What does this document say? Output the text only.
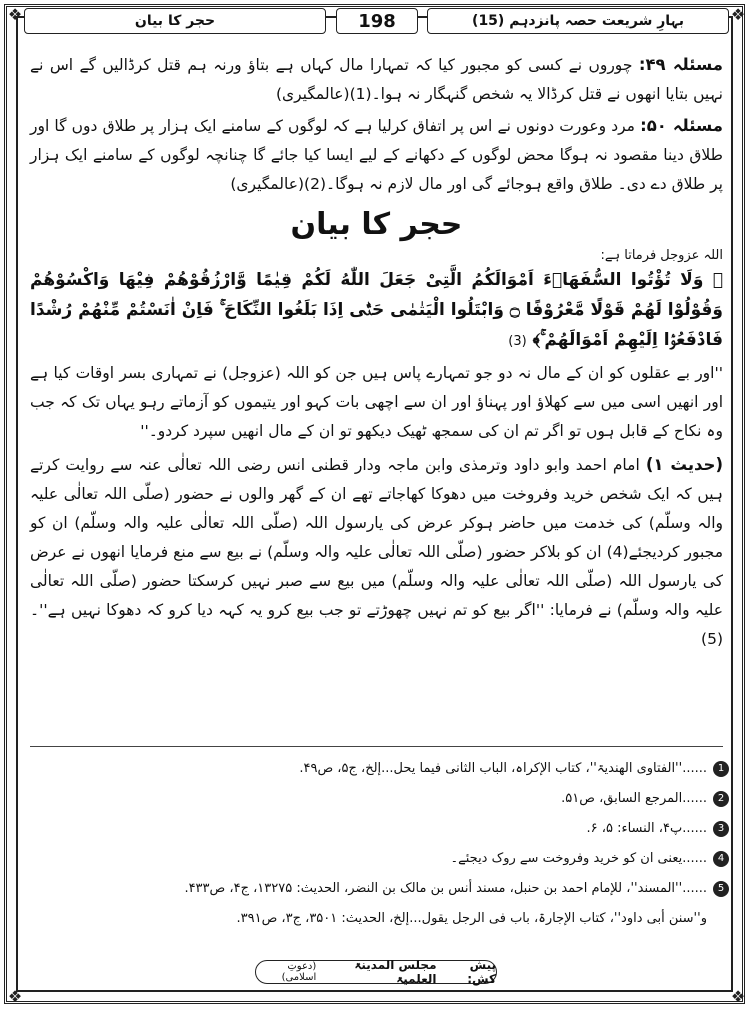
❖	❖
❖	❖
بہارِ شریعت حصہ پانزدہم (15)
198
حجر کا بیان

مسئلہ ۴۹: چوروں نے کسی کو مجبور کیا کہ تمہارا مال کہاں ہے بتاؤ ورنہ ہم قتل کرڈالیں گے اس نے نہیں بتایا انھوں نے قتل کرڈالا یہ شخص گنہگار نہ ہوا۔(1)(عالمگیری)

مسئلہ ۵۰: مرد وعورت دونوں نے اس پر اتفاق کرلیا ہے کہ لوگوں کے سامنے ایک ہزار پر طلاق دوں گا اور طلاق دینا مقصود نہ ہوگا محض لوگوں کے دکھانے کے لیے ایسا کیا جائے گا چنانچہ لوگوں کے سامنے ایک ہزار پر طلاق دے دی۔ طلاق واقع ہوجائے گی اور مال لازم نہ ہوگا۔(2)(عالمگیری)

حجر کا بیان

اللہ عزوجل فرماتا ہے:

﴿ وَلَا تُؤْتُوا السُّفَهَاۗءَ اَمْوَالَكُمُ الَّتِیْ جَعَلَ اللّٰهُ لَكُمْ قِیٰمًا وَّارْزُقُوْهُمْ فِیْهَا وَاكْسُوْهُمْ وَقُوْلُوْا لَهُمْ قَوْلًا مَّعْرُوْفًا ۝ وَابْتَلُوا الْیَتٰمٰى حَتّٰۤى اِذَا بَلَغُوا النِّكَاحَ ۚ فَاِنْ اٰنَسْتُمْ مِّنْهُمْ رُشْدًا فَادْفَعُوْۤا اِلَیْهِمْ اَمْوَالَهُمْ ۚ﴾ (3)

''اور بے عقلوں کو ان کے مال نہ دو جو تمہارے پاس ہیں جن کو اللہ (عزوجل) نے تمہاری بسر اوقات کیا ہے اور انھیں اسی میں سے کھلاؤ اور پہناؤ اور ان سے اچھی بات کہو اور یتیموں کو آزماتے رہو یہاں تک کہ جب وہ نکاح کے قابل ہوں تو اگر تم ان کی سمجھ ٹھیک دیکھو تو ان کے مال انھیں سپرد کردو۔''

(حدیث ۱) امام احمد وابو داود وترمذی وابن ماجہ ودار قطنی انس رضی اللہ تعالٰی عنہ سے روایت کرتے ہیں کہ ایک شخص خرید وفروخت میں دھوکا کھاجاتے تھے ان کے گھر والوں نے حضور (صلّی اللہ تعالٰی علیہ والہ وسلّم) کی خدمت میں حاضر ہوکر عرض کی یارسول اللہ (صلّی اللہ تعالٰی علیہ والہ وسلّم) ان کو مجبور کردیجئے(4) ان کو بلاکر حضور (صلّی اللہ تعالٰی علیہ والہ وسلّم) نے بیع سے منع فرمایا انھوں نے عرض کی یارسول اللہ (صلّی اللہ تعالٰی علیہ والہ وسلّم) میں بیع سے صبر نہیں کرسکتا حضور (صلّی اللہ تعالٰی علیہ والہ وسلّم) نے فرمایا: ''اگر بیع کو تم نہیں چھوڑتے تو جب بیع کرو یہ کہہ دیا کرو کہ دھوکا نہیں ہے''۔(5)

1
......''الفتاوی الھندیۃ''، کتاب الإکراہ، الباب الثانی فیما یحل...إلخ، ج۵، ص۴۹.
2
......المرجع السابق، ص۵۱.
3
......پ۴، النساء: ۵، ۶.
4
......یعنی ان کو خرید وفروخت سے روک دیجئے۔
5
......''المسند''، للإمام احمد بن حنبل، مسند أنس بن مالک بن النضر، الحدیث: ۱۳۲۷۵، ج۴، ص۴۳۳.
و''سنن أبی داود''، کتاب الإجارۃ، باب فی الرجل یقول...إلخ، الحدیث: ۳۵۰۱، ج۳، ص۳۹۱.
پیش کش:
مجلس المدینۃ العلمیۃ
(دعوتِ اسلامی)
